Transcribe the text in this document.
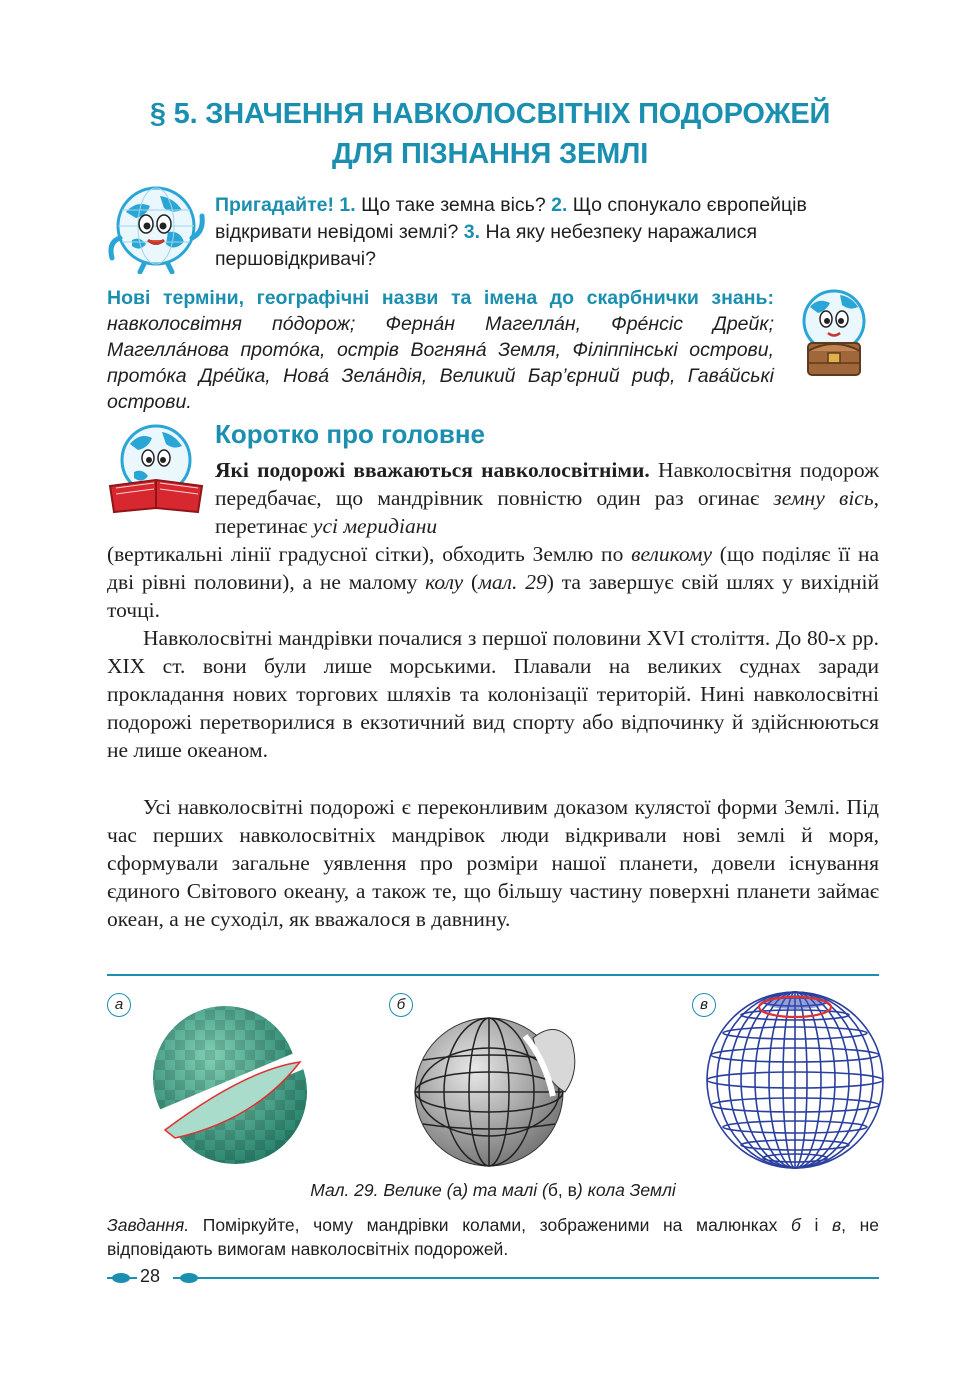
§ 5. ЗНАЧЕННЯ НАВКОЛОСВІТНІХ ПОДОРОЖЕЙ
ДЛЯ ПІЗНАННЯ ЗЕМЛІ
Пригадайте! 1. Що таке земна вісь? 2. Що спонукало європейців відкривати невідомі землі? 3. На яку небезпеку наражалися першовідкривачі?
Нові терміни, географічні назви та імена до скарбнички знань: навколосвітня пóдорож; Фернáн Магеллáн, Фрéнсіс Дрейк; Магеллáнова протóка, острів Вогнянá Земля, Філіппінські острови, протóка Дрéйка, Новá Зелáндія, Великий Бар’єрний риф, Гавáйські острови.
Коротко про головне
Які подорожі вважаються навколосвітніми. Навколосвітня подорож передбачає, що мандрівник повністю один раз огинає земну вісь, перетинає усі меридіани
(вертикальні лінії градусної сітки), обходить Землю по великому (що поділяє її на дві рівні половини), а не малому колу (мал. 29) та завершує свій шлях у вихідній точці.
Навколосвітні мандрівки почалися з першої половини XVI століття. До 80-х рр. XIX ст. вони були лише морськими. Плавали на великих суднах заради прокладання нових торгових шляхів та колонізації територій. Нині навколосвітні подорожі перетворилися в екзотичний вид спорту або відпочинку й здійснюються не лише океаном.
Усі навколосвітні подорожі є переконливим доказом кулястої форми Землі. Під час перших навколосвітніх мандрівок люди відкривали нові землі й моря, сформували загальне уявлення про розміри нашої планети, довели існування єдиного Світового океану, а також те, що більшу частину поверхні планети займає океан, а не суходіл, як вважалося в давнину.
а	б	в
Мал. 29. Велике (а) та малі (б, в) кола Землі
Завдання. Поміркуйте, чому мандрівки колами, зображеними на малюнках б і в, не відповідають вимогам навколосвітніх подорожей.
28
